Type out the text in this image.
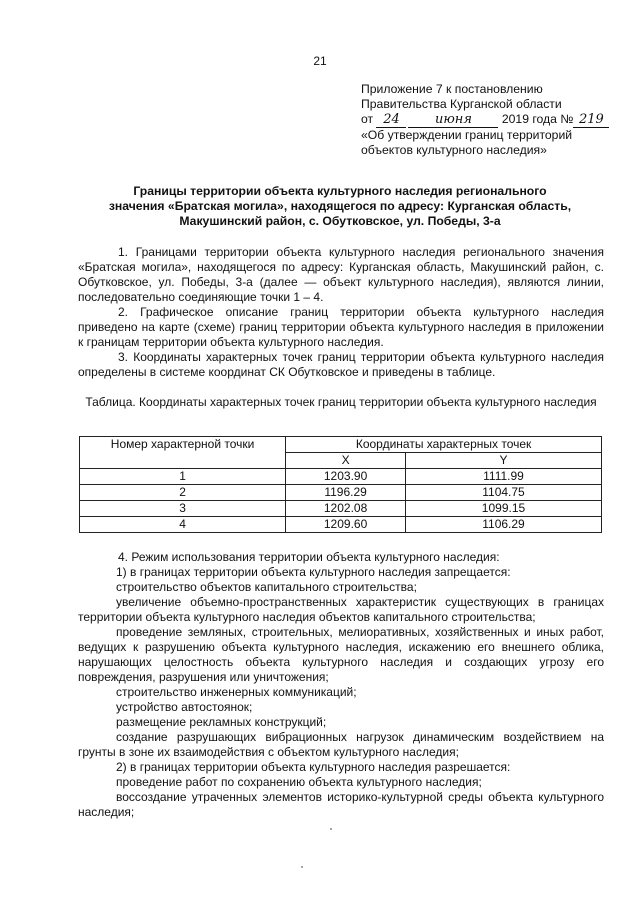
21
Приложение 7 к постановлению
Правительства Курганской области
от 24	июня 2019 года № 219
«Об утверждении границ территорий
объектов культурного наследия»
Границы территории объекта культурного наследия регионального
значения «Братская могила», находящегося по адресу: Курганская область,
Макушинский район, с. Обутковское, ул. Победы, 3-а

1. Границами территории объекта культурного наследия регионального значения «Братская могила», находящегося по адресу: Курганская область, Макушинский район, с. Обутковское, ул. Победы, 3-а (далее — объект культурного наследия), являются линии, последовательно соединяющие точки 1 – 4.

2. Графическое описание границ территории объекта культурного наследия приведено на карте (схеме) границ территории объекта культурного наследия в приложении к границам территории объекта культурного наследия.

3. Координаты характерных точек границ территории объекта культурного наследия определены в системе координат СК Обутковское и приведены в таблице.

Таблица. Координаты характерных точек границ территории объекта культурного наследия
Номер характерной точки	Координаты характерных точек	
	X	Y
1	1203.90	1111.99
2	1196.29	1104.75
3	1202.08	1099.15
4	1209.60	1106.29

4. Режим использования территории объекта культурного наследия:

1) в границах территории объекта культурного наследия запрещается:

строительство объектов капитального строительства;

увеличение объемно-пространственных характеристик существующих в границах территории объекта культурного наследия объектов капитального строительства;

проведение земляных, строительных, мелиоративных, хозяйственных и иных работ, ведущих к разрушению объекта культурного наследия, искажению его внешнего облика, нарушающих целостность объекта культурного наследия и создающих угрозу его повреждения, разрушения или уничтожения;

строительство инженерных коммуникаций;

устройство автостоянок;

размещение рекламных конструкций;

создание разрушающих вибрационных нагрузок динамическим воздействием на грунты в зоне их взаимодействия с объектом культурного наследия;

2) в границах территории объекта культурного наследия разрешается:

проведение работ по сохранению объекта культурного наследия;

воссоздание утраченных элементов историко-культурной среды объекта культурного наследия;
